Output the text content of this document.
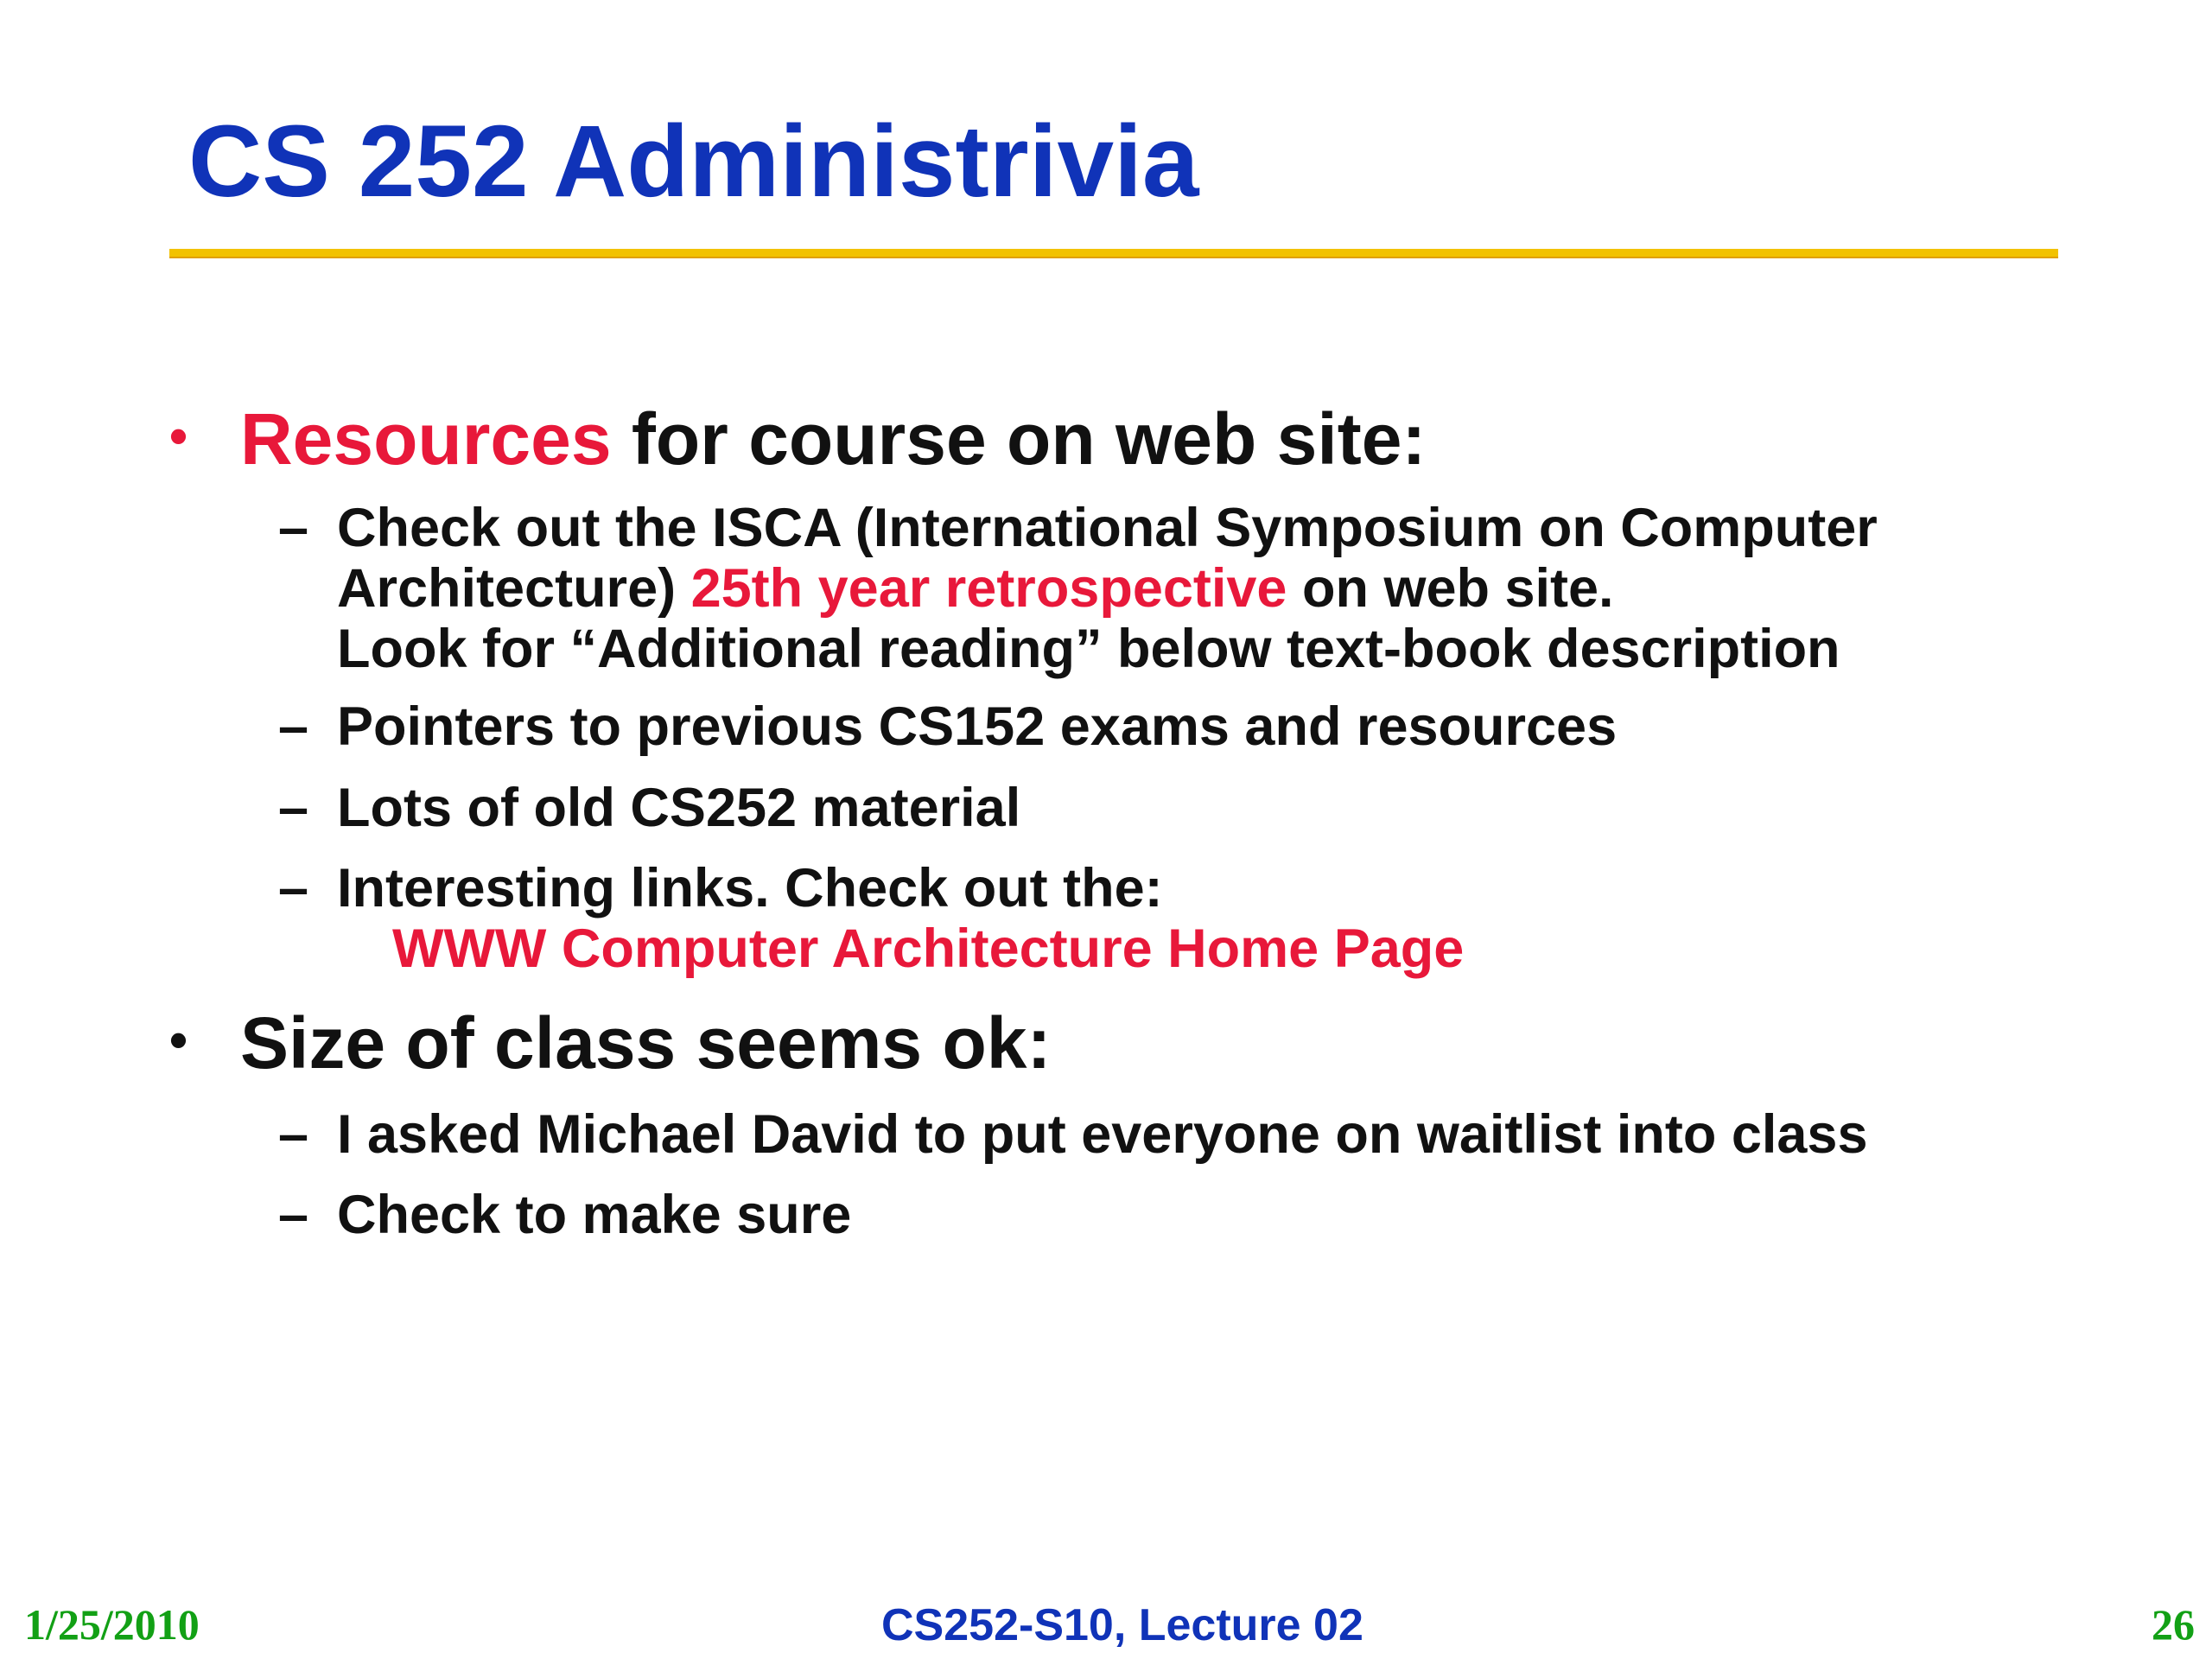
CS 252 Administrivia
• Resources for course on web site:
– Check out the ISCA (International Symposium on Computer
Architecture) 25th year retrospective on web site.
Look for “Additional reading” below text-book description
– Pointers to previous CS152 exams and resources
– Lots of old CS252 material
– Interesting links. Check out the:
WWW Computer Architecture Home Page
• Size of class seems ok:
– I asked Michael David to put everyone on waitlist into class
– Check to make sure
1/25/2010	CS252-S10, Lecture 02	26
